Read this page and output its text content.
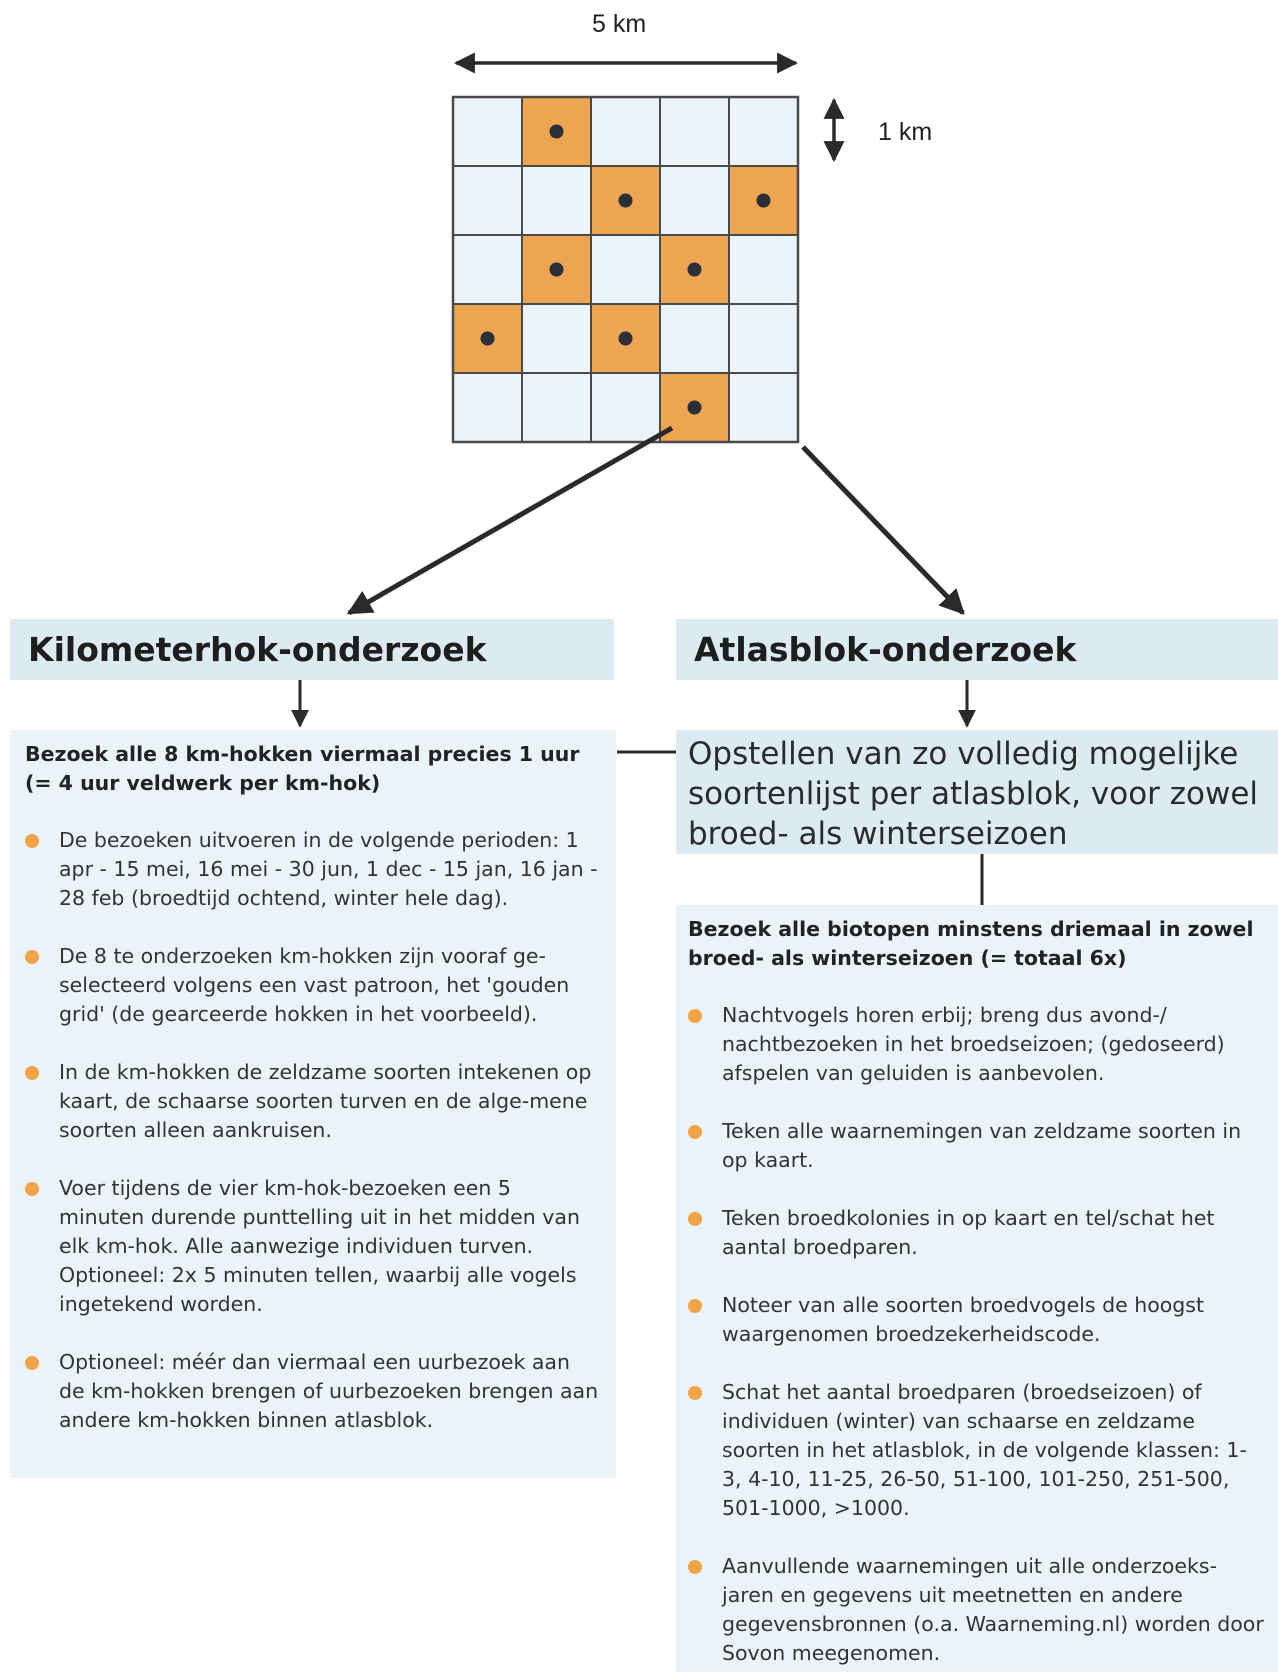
5 km
1 km
Kilometerhok-onderzoek	Atlasblok-onderzoek
Bezoek alle 8 km-hokken viermaal precies 1 uur (= 4 uur veldwerk per km-hok)
De bezoeken uitvoeren in de volgende perioden: 1 apr - 15 mei, 16 mei - 30 jun, 1 dec - 15 jan, 16 jan - 28 feb (broedtijd ochtend, winter hele dag).
De 8 te onderzoeken km-hokken zijn vooraf ge-selecteerd volgens een vast patroon, het 'gouden grid' (de gearceerde hokken in het voorbeeld).
In de km-hokken de zeldzame soorten intekenen op kaart, de schaarse soorten turven en de alge-mene soorten alleen aankruisen.
Voer tijdens de vier km-hok-bezoeken een 5 minuten durende punttelling uit in het midden van elk km-hok. Alle aanwezige individuen turven. Optioneel: 2x 5 minuten tellen, waarbij alle vogels ingetekend worden.
Optioneel: méér dan viermaal een uurbezoek aan de km-hokken brengen of uurbezoeken brengen aan andere km-hokken binnen atlasblok.
Opstellen van zo volledig mogelijke soortenlijst per atlasblok, voor zowel broed- als winterseizoen
Bezoek alle biotopen minstens driemaal in zowel broed- als winterseizoen (= totaal 6x)
Nachtvogels horen erbij; breng dus avond-/ nachtbezoeken in het broedseizoen; (gedoseerd) afspelen van geluiden is aanbevolen.
Teken alle waarnemingen van zeldzame soorten in op kaart.
Teken broedkolonies in op kaart en tel/schat het aantal broedparen.
Noteer van alle soorten broedvogels de hoogst waargenomen broedzekerheidscode.
Schat het aantal broedparen (broedseizoen) of individuen (winter) van schaarse en zeldzame soorten in het atlasblok, in de volgende klassen: 1-3, 4-10, 11-25, 26-50, 51-100, 101-250, 251-500, 501-1000, >1000.
Aanvullende waarnemingen uit alle onderzoeks-jaren en gegevens uit meetnetten en andere gegevensbronnen (o.a. Waarneming.nl) worden door Sovon meegenomen.
